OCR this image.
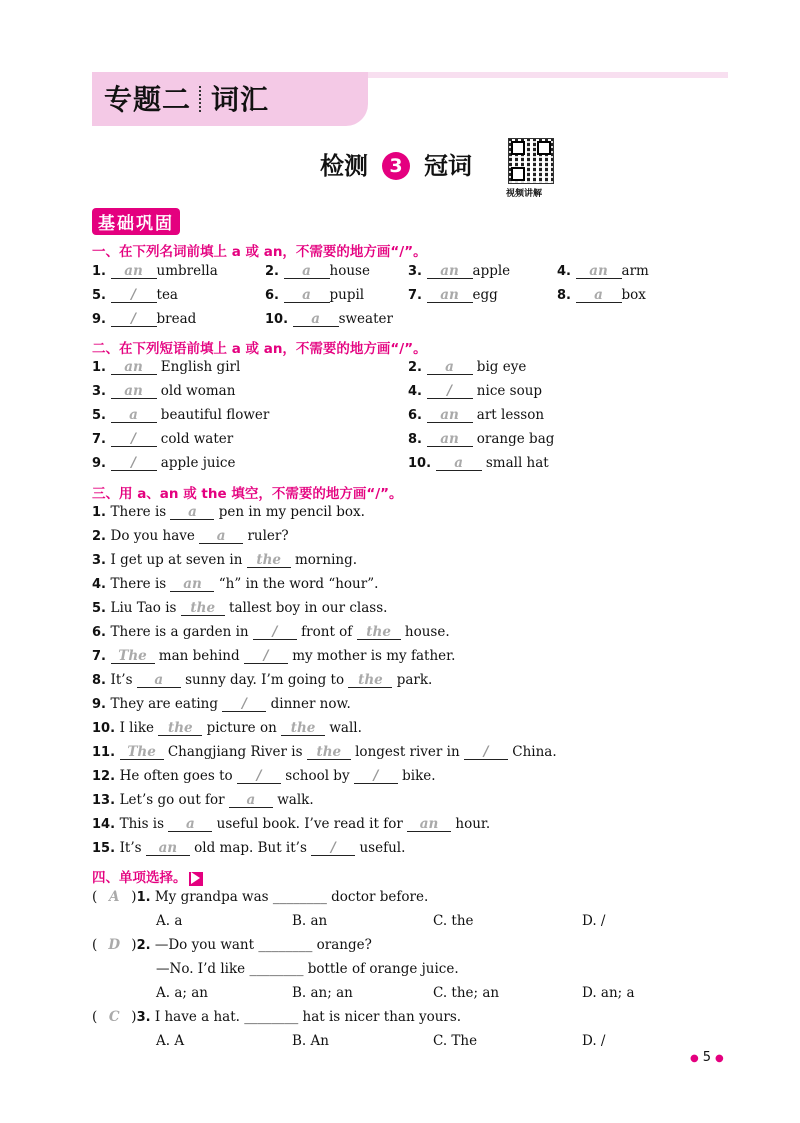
专题二 词汇
检测 3 冠词
视频讲解
基础巩固
一、在下列名词前填上 a 或 an，不需要的地方画“/”。
1. an umbrella	2. a house	3. an apple	4. an arm
5. / tea	6. a pupil	7. an egg	8. a box
9. / bread	10. a sweater
二、在下列短语前填上 a 或 an，不需要的地方画“/”。
1. an English girl	2. a big eye
3. an old woman	4. / nice soup
5. a beautiful flower	6. an art lesson
7. / cold water	8. an orange bag
9. / apple juice	10. a small hat
三、用 a、an 或 the 填空，不需要的地方画“/”。
1. There is a pen in my pencil box.
2. Do you have a ruler?
3. I get up at seven in the morning.
4. There is an “h” in the word “hour”.
5. Liu Tao is the tallest boy in our class.
6. There is a garden in / front of the house.
7. The man behind / my mother is my father.
8. It’s a sunny day. I’m going to the park.
9. They are eating / dinner now.
10. I like the picture on the wall.
11. The Changjiang River is the longest river in / China.
12. He often goes to / school by / bike.
13. Let’s go out for a walk.
14. This is a useful book. I’ve read it for an hour.
15. It’s an old map. But it’s / useful.
四、单项选择。
( A )1. My grandpa was ________ doctor before.
A. a	B. an	C. the	D. /
( D )2. —Do you want ________ orange?
—No. I’d like ________ bottle of orange juice.
A. a; an	B. an; an	C. the; an	D. an; a
( C )3. I have a hat. ________ hat is nicer than yours.
A. A	B. An	C. The	D. /
● 5 ●
